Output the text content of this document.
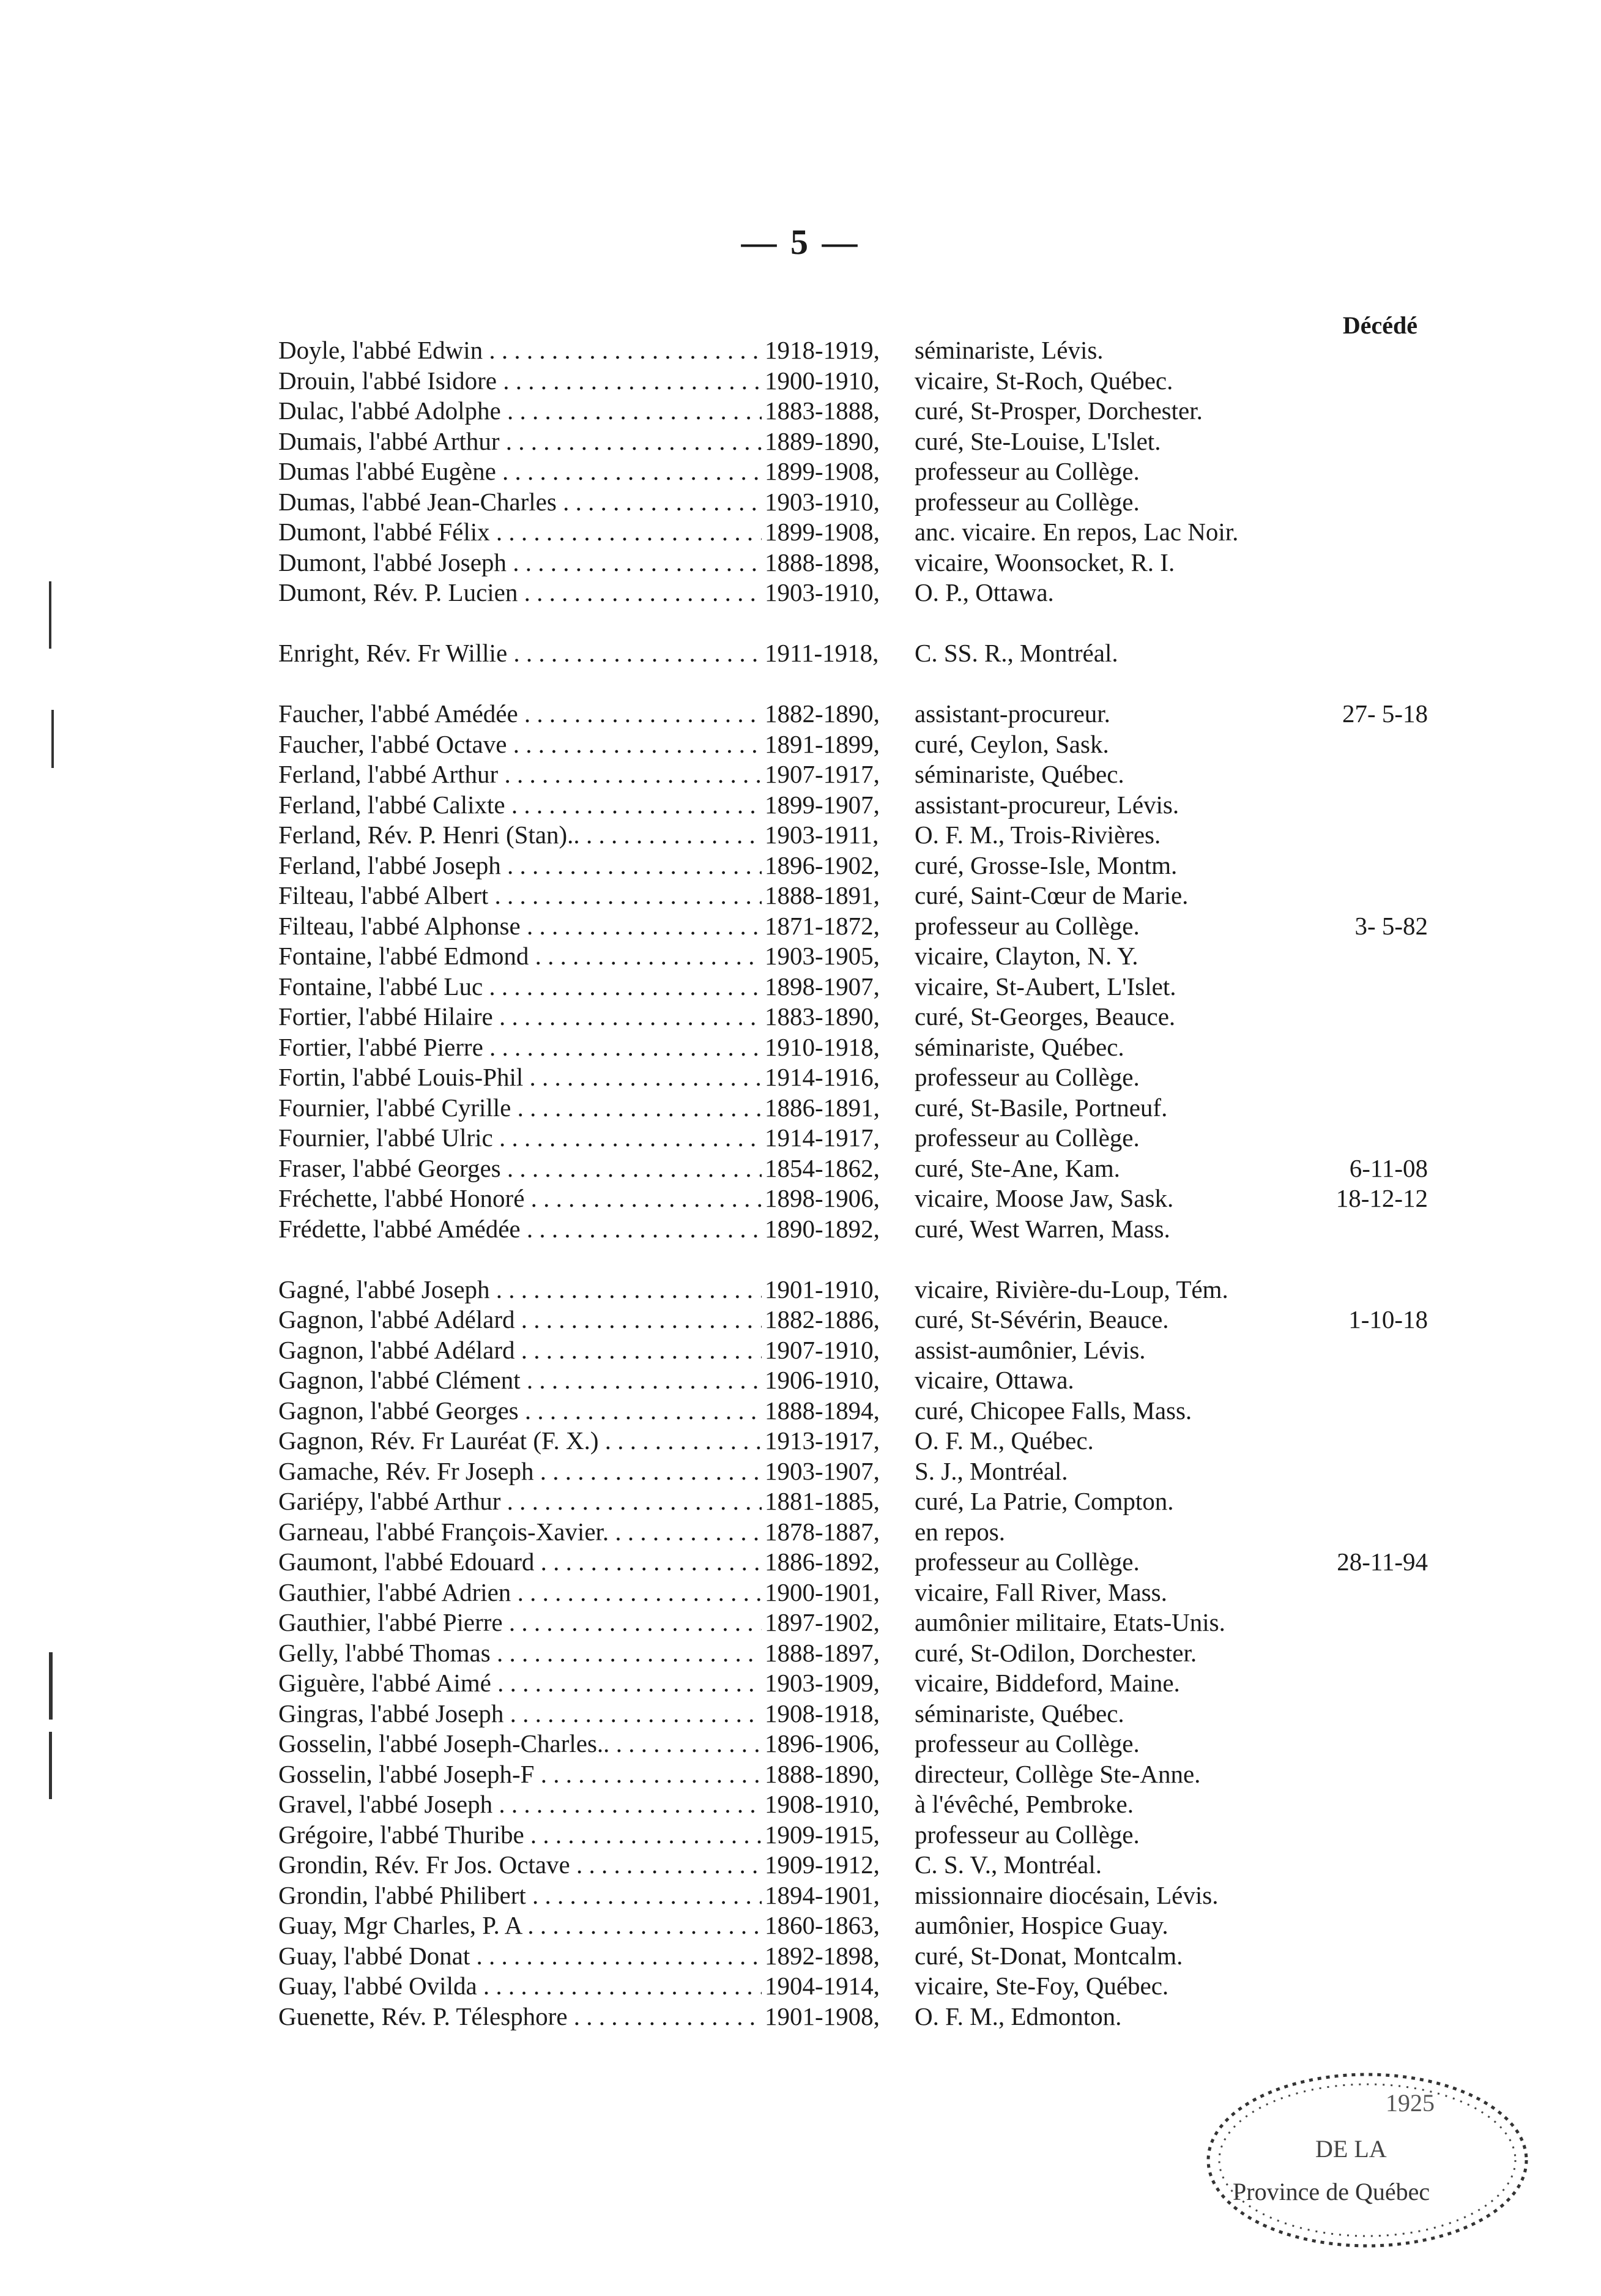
— 5 —
Décédé
Doyle, l'abbé Edwin . . .	1918-1919, séminariste, Lévis.
Drouin, l'abbé Isidore . . .	1900-1910, vicaire, St-Roch, Québec.
Dulac, l'abbé Adolphe . . .	1883-1888, curé, St-Prosper, Dorchester.
Dumais, l'abbé Arthur . . .	1889-1890, curé, Ste-Louise, L'Islet.
Dumas l'abbé Eugène . . .	1899-1908, professeur au Collège.
Dumas, l'abbé Jean-Charles . . .	1903-1910, professeur au Collège.
Dumont, l'abbé Félix . . .	1899-1908, anc. vicaire. En repos, Lac Noir.
Dumont, l'abbé Joseph . . .	1888-1898, vicaire, Woonsocket, R. I.
Dumont, Rév. P. Lucien . . .	1903-1910, O. P., Ottawa.
Enright, Rév. Fr Willie . . .	1911-1918, C. SS. R., Montréal.
Faucher, l'abbé Amédée . . .	1882-1890, assistant-procureur.	27- 5-18
Faucher, l'abbé Octave . . .	1891-1899, curé, Ceylon, Sask.
Ferland, l'abbé Arthur . . .	1907-1917, séminariste, Québec.
Ferland, l'abbé Calixte . . .	1899-1907, assistant-procureur, Lévis.
Ferland, Rév. P. Henri (Stan).. . . .	1903-1911, O. F. M., Trois-Rivières.
Ferland, l'abbé Joseph . . .	1896-1902, curé, Grosse-Isle, Montm.
Filteau, l'abbé Albert . . .	1888-1891, curé, Saint-Cœur de Marie.
Filteau, l'abbé Alphonse . . .	1871-1872, professeur au Collège.	3- 5-82
Fontaine, l'abbé Edmond . . .	1903-1905, vicaire, Clayton, N. Y.
Fontaine, l'abbé Luc . . .	1898-1907, vicaire, St-Aubert, L'Islet.
Fortier, l'abbé Hilaire . . .	1883-1890, curé, St-Georges, Beauce.
Fortier, l'abbé Pierre . . .	1910-1918, séminariste, Québec.
Fortin, l'abbé Louis-Phil . . .	1914-1916, professeur au Collège.
Fournier, l'abbé Cyrille . . .	1886-1891, curé, St-Basile, Portneuf.
Fournier, l'abbé Ulric . . .	1914-1917, professeur au Collège.
Fraser, l'abbé Georges . . .	1854-1862, curé, Ste-Ane, Kam.	6-11-08
Fréchette, l'abbé Honoré . . .	1898-1906, vicaire, Moose Jaw, Sask.	18-12-12
Frédette, l'abbé Amédée . . .	1890-1892, curé, West Warren, Mass.
Gagné, l'abbé Joseph . . .	1901-1910, vicaire, Rivière-du-Loup, Tém.
Gagnon, l'abbé Adélard . . .	1882-1886, curé, St-Sévérin, Beauce.	1-10-18
Gagnon, l'abbé Adélard . . .	1907-1910, assist-aumônier, Lévis.
Gagnon, l'abbé Clément . . .	1906-1910, vicaire, Ottawa.
Gagnon, l'abbé Georges . . .	1888-1894, curé, Chicopee Falls, Mass.
Gagnon, Rév. Fr Lauréat (F. X.) . . .	1913-1917, O. F. M., Québec.
Gamache, Rév. Fr Joseph . . .	1903-1907, S. J., Montréal.
Gariépy, l'abbé Arthur . . .	1881-1885, curé, La Patrie, Compton.
Garneau, l'abbé François-Xavier. . . .	1878-1887, en repos.
Gaumont, l'abbé Edouard . . .	1886-1892, professeur au Collège.	28-11-94
Gauthier, l'abbé Adrien . . .	1900-1901, vicaire, Fall River, Mass.
Gauthier, l'abbé Pierre . . .	1897-1902, aumônier militaire, Etats-Unis.
Gelly, l'abbé Thomas . . .	1888-1897, curé, St-Odilon, Dorchester.
Giguère, l'abbé Aimé . . .	1903-1909, vicaire, Biddeford, Maine.
Gingras, l'abbé Joseph . . .	1908-1918, séminariste, Québec.
Gosselin, l'abbé Joseph-Charles.. . . .	1896-1906, professeur au Collège.
Gosselin, l'abbé Joseph-F . . .	1888-1890, directeur, Collège Ste-Anne.
Gravel, l'abbé Joseph . . .	1908-1910, à l'évêché, Pembroke.
Grégoire, l'abbé Thuribe . . .	1909-1915, professeur au Collège.
Grondin, Rév. Fr Jos. Octave . . .	1909-1912, C. S. V., Montréal.
Grondin, l'abbé Philibert . . .	1894-1901, missionnaire diocésain, Lévis.
Guay, Mgr Charles, P. A . . .	1860-1863, aumônier, Hospice Guay.
Guay, l'abbé Donat . . .	1892-1898, curé, St-Donat, Montcalm.
Guay, l'abbé Ovilda . . .	1904-1914, vicaire, Ste-Foy, Québec.
Guenette, Rév. P. Télesphore . . .	1901-1908, O. F. M., Edmonton.
1925
DE LA
Province de Québec
